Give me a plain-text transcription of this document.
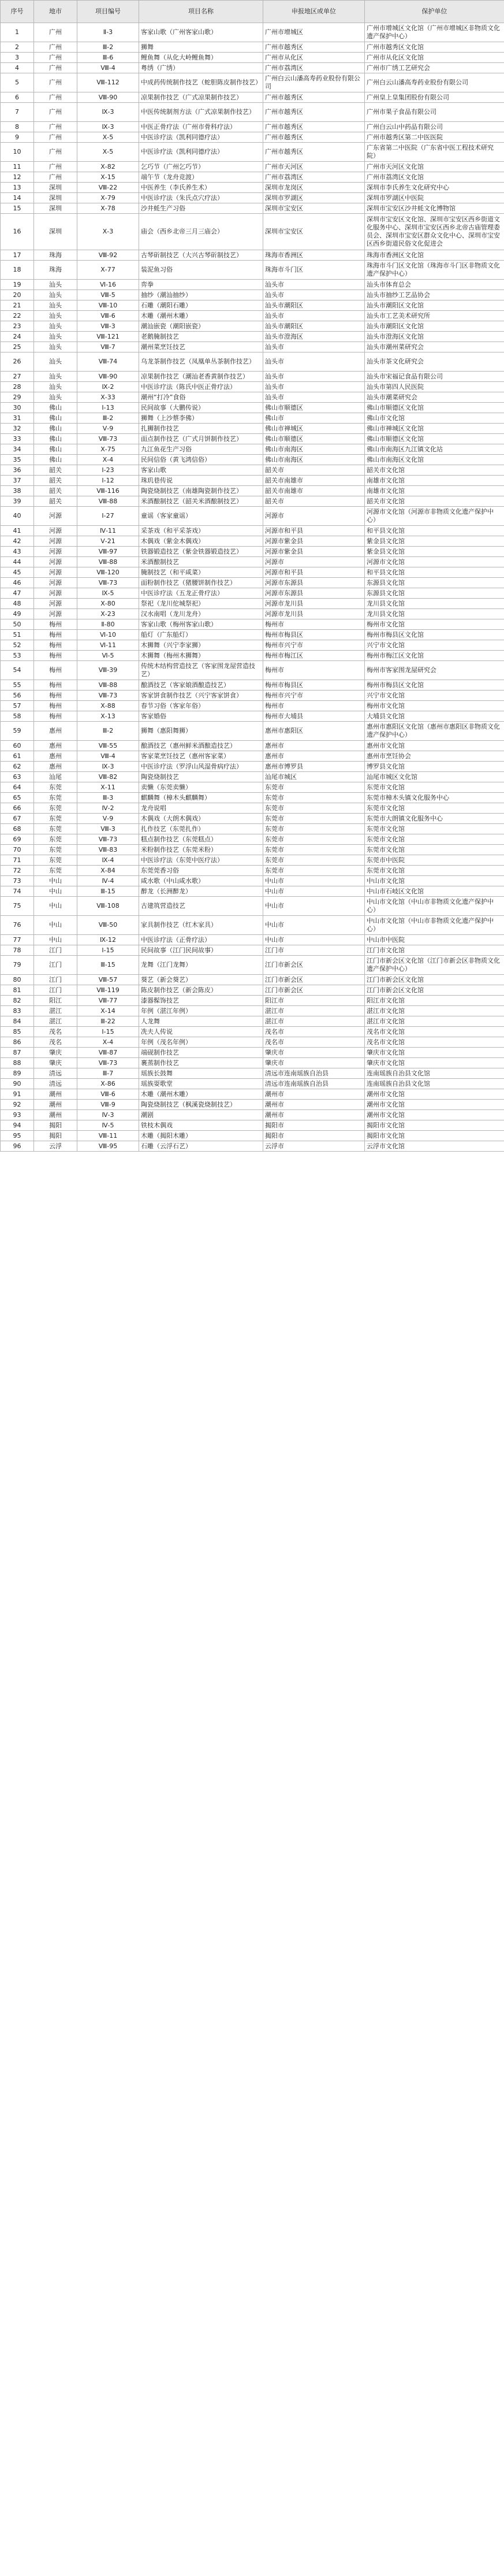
序号	地市	项目编号	项目名称	申报地区或单位	保护单位
1	广州	Ⅱ-3	客家山歌（广州客家山歌）	广州市增城区	广州市增城区文化馆（广州市增城区非物质文化遗产保护中心）
2	广州	Ⅲ-2	狮舞	广州市越秀区	广州市越秀区文化馆
3	广州	Ⅲ-6	鲤鱼舞（从化大岭鲤鱼舞）	广州市从化区	广州市从化区文化馆
4	广州	Ⅷ-4	粤绣（广绣）	广州市荔湾区	广州市广绣工艺研究会
5	广州	Ⅷ-112	中成药传统制作技艺（蛇胆陈皮制作技艺）	广州白云山潘高寿药业股份有限公司	广州白云山潘高寿药业股份有限公司
6	广州	Ⅷ-90	凉果制作技艺（广式凉果制作技艺）	广州市越秀区	广州皇上皇集团股份有限公司
7	广州	Ⅸ-3	中医传统制剂方法（广式凉果制作技艺）	广州市越秀区	广州市果子食品有限公司
8	广州	Ⅸ-3	中医正骨疗法（广州市骨科疗法）	广州市越秀区	广州白云山中药品有限公司
9	广州	Ⅹ-5	中医诊疗法（凯利同德疗法）	广州市越秀区	广州市越秀区第二中医医院
10	广州	Ⅹ-5	中医诊疗法（凯利同德疗法）	广州市越秀区	广东省第二中医院（广东省中医工程技术研究院）
11	广州	Ⅹ-82	乞巧节（广州乞巧节）	广州市天河区	广州市天河区文化馆
12	广州	Ⅹ-15	端午节（龙舟竞渡）	广州市荔湾区	广州市荔湾区文化馆
13	深圳	Ⅷ-22	中医养生（李氏养生术）	深圳市龙岗区	深圳市李氏养生文化研究中心
14	深圳	Ⅹ-79	中医诊疗法（朱氏点穴疗法）	深圳市罗湖区	深圳市罗湖区中医院
15	深圳	Ⅹ-78	沙井蚝生产习俗	深圳市宝安区	深圳市宝安区沙井蚝文化博物馆
16	深圳	Ⅹ-3	庙会（西乡北帝三月三庙会）	深圳市宝安区	深圳市宝安区文化馆、深圳市宝安区西乡街道文化服务中心、深圳市宝安区西乡北帝古庙管理委员会、深圳市宝安区群众文化中心、深圳市宝安区西乡街道民俗文化促进会
17	珠海	Ⅷ-92	古琴斫制技艺（大兴古琴斫制技艺）	珠海市香洲区	珠海市香洲区文化馆
18	珠海	Ⅹ-77	装泥鱼习俗	珠海市斗门区	珠海市斗门区文化馆（珠海市斗门区非物质文化遗产保护中心）
19	汕头	Ⅵ-16	弈拳	汕头市	汕头市体育总会
20	汕头	Ⅷ-5	抽纱（潮汕抽纱）	汕头市	汕头市抽纱工艺品协会
21	汕头	Ⅷ-10	石雕（潮阳石雕）	汕头市潮阳区	汕头市潮阳区文化馆
22	汕头	Ⅷ-6	木雕（潮州木雕）	汕头市	汕头市工艺美术研究所
23	汕头	Ⅷ-3	潮汕嵌瓷（潮阳嵌瓷）	汕头市潮阳区	汕头市潮阳区文化馆
24	汕头	Ⅷ-121	老鹅腌制技艺	汕头市澄海区	汕头市澄海区文化馆
25	汕头	Ⅷ-7	潮州菜烹饪技艺	汕头市	汕头市潮州菜研究会
26	汕头	Ⅷ-74	乌龙茶制作技艺（凤凰单丛茶制作技艺）	汕头市	汕头市茶文化研究会
27	汕头	Ⅷ-90	凉果制作技艺（潮汕老香黄制作技艺）	汕头市	汕头市宋福记食品有限公司
28	汕头	Ⅸ-2	中医诊疗法（陈氏中医正骨疗法）	汕头市	汕头市第四人民医院
29	汕头	Ⅹ-33	潮州“打冷”食俗	汕头市	汕头市潮菜研究会
30	佛山	Ⅰ-13	民间故事（大鹏传说）	佛山市顺德区	佛山市顺德区文化馆
31	佛山	Ⅲ-2	狮舞（上沙蔡李佛）	佛山市	佛山市文化馆
32	佛山	Ⅴ-9	扎狮制作技艺	佛山市禅城区	佛山市禅城区文化馆
33	佛山	Ⅷ-73	面点制作技艺（广式月饼制作技艺）	佛山市顺德区	佛山市顺德区文化馆
34	佛山	Ⅹ-75	九江鱼花生产习俗	佛山市南海区	佛山市南海区九江镇文化站
35	佛山	Ⅹ-4	民间信俗（黄飞鸿信俗）	佛山市南海区	佛山市南海区文化馆
36	韶关	Ⅰ-23	客家山歌	韶关市	韶关市文化馆
37	韶关	Ⅰ-12	珠玑巷传说	韶关市南雄市	南雄市文化馆
38	韶关	Ⅷ-116	陶瓷烧制技艺（南雄陶瓷制作技艺）	韶关市南雄市	南雄市文化馆
39	韶关	Ⅷ-88	米酒酿制技艺（韶关米酒酿制技艺）	韶关市	韶关市文化馆
40	河源	Ⅰ-27	童谣（客家童谣）	河源市	河源市文化馆（河源市非物质文化遗产保护中心）
41	河源	Ⅳ-11	采茶戏（和平采茶戏）	河源市和平县	和平县文化馆
42	河源	Ⅴ-21	木偶戏（紫金木偶戏）	河源市紫金县	紫金县文化馆
43	河源	Ⅷ-97	铁器锻造技艺（紫金铁器锻造技艺）	河源市紫金县	紫金县文化馆
44	河源	Ⅷ-88	米酒酿制技艺	河源市	河源市文化馆
45	河源	Ⅷ-120	腌制技艺（和平咸菜）	河源市和平县	和平县文化馆
46	河源	Ⅷ-73	面粉制作技艺（猪腰饼制作技艺）	河源市东源县	东源县文化馆
47	河源	Ⅸ-5	中医诊疗法（五龙正骨疗法）	河源市东源县	东源县文化馆
48	河源	Ⅹ-80	祭祀（龙川佗城祭祀）	河源市龙川县	龙川县文化馆
49	河源	Ⅹ-23	汉水南唱（龙川龙舟）	河源市龙川县	龙川县文化馆
50	梅州	Ⅱ-80	客家山歌（梅州客家山歌）	梅州市	梅州市文化馆
51	梅州	Ⅵ-10	船灯（广东船灯）	梅州市梅县区	梅州市梅县区文化馆
52	梅州	Ⅵ-11	木狮舞（兴宁李家狮）	梅州市兴宁市	兴宁市文化馆
53	梅州	Ⅵ-5	木狮舞（梅州木狮舞）	梅州市梅江区	梅州市梅江区文化馆
54	梅州	Ⅷ-39	传统木结构营造技艺（客家围龙屋营造技艺）	梅州市	梅州市客家围龙屋研究会
55	梅州	Ⅷ-88	酿酒技艺（客家娘酒酿造技艺）	梅州市梅县区	梅州市梅县区文化馆
56	梅州	Ⅷ-73	客家饼食制作技艺（兴宁客家饼食）	梅州市兴宁市	兴宁市文化馆
57	梅州	Ⅹ-88	春节习俗（客家年俗）	梅州市	梅州市文化馆
58	梅州	Ⅹ-13	客家婚俗	梅州市大埔县	大埔县文化馆
59	惠州	Ⅲ-2	狮舞（惠阳舞狮）	惠州市惠阳区	惠州市惠阳区文化馆（惠州市惠阳区非物质文化遗产保护中心）
60	惠州	Ⅷ-55	酿酒技艺（惠州鲜米酒酿造技艺）	惠州市	惠州市文化馆
61	惠州	Ⅷ-4	客家菜烹饪技艺（惠州客家菜）	惠州市	惠州市烹饪协会
62	惠州	Ⅸ-3	中医诊疗法（罗浮山风湿骨病疗法）	惠州市博罗县	博罗县文化馆
63	汕尾	Ⅷ-82	陶瓷烧制技艺	汕尾市城区	汕尾市城区文化馆
64	东莞	Ⅹ-11	卖懒（东莞卖懒）	东莞市	东莞市文化馆
65	东莞	Ⅲ-3	麒麟舞（樟木头麒麟舞）	东莞市	东莞市樟木头镇文化服务中心
66	东莞	Ⅳ-2	龙舟说唱	东莞市	东莞市文化馆
67	东莞	Ⅴ-9	木偶戏（大朗木偶戏）	东莞市	东莞市大朗镇文化服务中心
68	东莞	Ⅷ-3	扎作技艺（东莞扎作）	东莞市	东莞市文化馆
69	东莞	Ⅷ-73	糕点制作技艺（东莞糕点）	东莞市	东莞市文化馆
70	东莞	Ⅷ-83	米粉制作技艺（东莞米粉）	东莞市	东莞市文化馆
71	东莞	Ⅸ-4	中医诊疗法（东莞中医疗法）	东莞市	东莞市中医院
72	东莞	Ⅹ-84	东莞莞香习俗	东莞市	东莞市文化馆
73	中山	Ⅳ-4	咸水歌（中山咸水歌）	中山市	中山市文化馆
74	中山	Ⅲ-15	醉龙（长洲醉龙）	中山市	中山市石岐区文化馆
75	中山	Ⅷ-108	古建筑营造技艺	中山市	中山市文化馆（中山市非物质文化遗产保护中心）
76	中山	Ⅷ-50	家具制作技艺（红木家具）	中山市	中山市文化馆（中山市非物质文化遗产保护中心）
77	中山	Ⅸ-12	中医诊疗法（正骨疗法）	中山市	中山市中医院
78	江门	Ⅰ-15	民间故事（江门民间故事）	江门市	江门市文化馆
79	江门	Ⅲ-15	龙舞（江门龙舞）	江门市新会区	江门市新会区文化馆（江门市新会区非物质文化遗产保护中心）
80	江门	Ⅷ-57	葵艺（新会葵艺）	江门市新会区	江门市新会区文化馆
81	江门	Ⅷ-119	陈皮制作技艺（新会陈皮）	江门市新会区	江门市新会区文化馆
82	阳江	Ⅷ-77	漆器髹饰技艺	阳江市	阳江市文化馆
83	湛江	Ⅹ-14	年例（湛江年例）	湛江市	湛江市文化馆
84	湛江	Ⅲ-22	人龙舞	湛江市	湛江市文化馆
85	茂名	Ⅰ-15	冼夫人传说	茂名市	茂名市文化馆
86	茂名	Ⅹ-4	年例（茂名年例）	茂名市	茂名市文化馆
87	肇庆	Ⅷ-87	端砚制作技艺	肇庆市	肇庆市文化馆
88	肇庆	Ⅷ-73	裹蒸制作技艺	肇庆市	肇庆市文化馆
89	清远	Ⅲ-7	瑶族长鼓舞	清远市连南瑶族自治县	连南瑶族自治县文化馆
90	清远	Ⅹ-86	瑶族耍歌堂	清远市连南瑶族自治县	连南瑶族自治县文化馆
91	潮州	Ⅷ-6	木雕（潮州木雕）	潮州市	潮州市文化馆
92	潮州	Ⅷ-9	陶瓷烧制技艺（枫溪瓷烧制技艺）	潮州市	潮州市文化馆
93	潮州	Ⅳ-3	潮剧	潮州市	潮州市文化馆
94	揭阳	Ⅳ-5	铁枝木偶戏	揭阳市	揭阳市文化馆
95	揭阳	Ⅷ-11	木雕（揭阳木雕）	揭阳市	揭阳市文化馆
96	云浮	Ⅷ-95	石雕（云浮石艺）	云浮市	云浮市文化馆
